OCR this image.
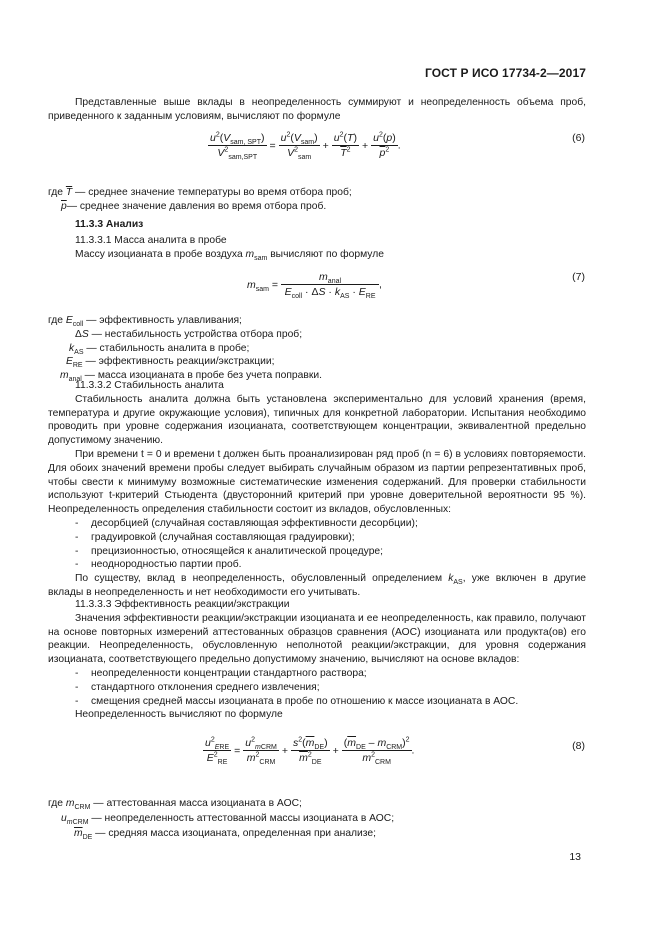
ГОСТ Р ИСО 17734-2—2017

Представленные выше вклады в неопределенность суммируют и неопределенность объема проб, приведенного к заданным условиям, вычисляют по формуле

$\frac{u^2(V_{sam, SPT})}{V^2_{sam,SPT}} = \frac{u^2(V_{sam})}{V^2_{sam}} + \frac{u^2(T)}{\overline{T}^2} + \frac{u^2(p)}{\overline{p}^2}$ .
(6)

где $\overline{T}$ — среднее значение температуры во время отбора проб;

$\overline{p}—$ среднее значение давления во время отбора проб.

11.3.3 Анализ

11.3.3.1 Масса аналита в пробе

Массу изоцианата в пробе воздуха $m_{sam}$ вычисляют по формуле

$m_{sam} = \frac{m_{anal}}{E_{coll} \cdot \Delta S \cdot k_{AS} \cdot E_{RE}}$ ,
(7)

где $E_{coll}$ — эффективность улавливания;

ΔS — нестабильность устройства отбора проб;

$k_{AS}$ — стабильность аналита в пробе;

$E_{RE}$ — эффективность реакции/экстракции;

$m_{anal}$ — масса изоцианата в пробе без учета поправки.

11.3.3.2 Стабильность аналита

Стабильность аналита должна быть установлена экспериментально для условий хранения (время, температура и другие окружающие условия), типичных для конкретной лаборатории. Испытания необходимо проводить при уровне содержания изоцианата, соответствующем концентрации, эквивалентной предельно допустимому значению.

При времени t = 0 и времени t должен быть проанализирован ряд проб (n = 6) в условиях повторяемости. Для обоих значений времени пробы следует выбирать случайным образом из партии репрезентативных проб, чтобы свести к минимуму возможные систематические изменения содержаний. Для проверки стабильности используют t-критерий Стьюдента (двусторонний критерий при уровне доверительной вероятности 95 %). Неопределенность определения стабильности состоит из вкладов, обусловленных:

- десорбцией (случайная составляющая эффективности десорбции);

- градуировкой (случайная составляющая градуировки);

- прецизионностью, относящейся к аналитической процедуре;

- неоднородностью партии проб.

По существу, вклад в неопределенность, обусловленный определением $k_{AS}$, уже включен в другие вклады в неопределенность и нет необходимости его учитывать.

11.3.3.3 Эффективность реакции/экстракции

Значения эффективности реакции/экстракции изоцианата и ее неопределенность, как правило, получают на основе повторных измерений аттестованных образцов сравнения (АОС) изоцианата или продукта(ов) его реакции. Неопределенность, обусловленную неполнотой реакции/экстракции, для уровня содержания изоцианата, соответствующего предельно допустимому значению, вычисляют на основе вкладов:

- неопределенности концентрации стандартного раствора;

- стандартного отклонения среднего извлечения;

- смещения средней массы изоцианата в пробе по отношению к массе изоцианата в АОС.

Неопределенность вычисляют по формуле

$\frac{u^2_{ERE}}{E^2_{RE}} = \frac{u^2_{mCRM}}{m^2_{CRM}} + \frac{s^2(\overline{m}_{DE})}{\overline{m}^2_{DE}} + \frac{(\overline{m}_{DE} - m_{CRM})^2}{m^2_{CRM}}$ .	(8)

где $m_{CRM}$ — аттестованная масса изоцианата в АОС;

$u_{mCRM}$ — неопределенность аттестованной массы изоцианата в АОС;

$\overline{m}_{DE}$ — средняя масса изоцианата, определенная при анализе;

13
